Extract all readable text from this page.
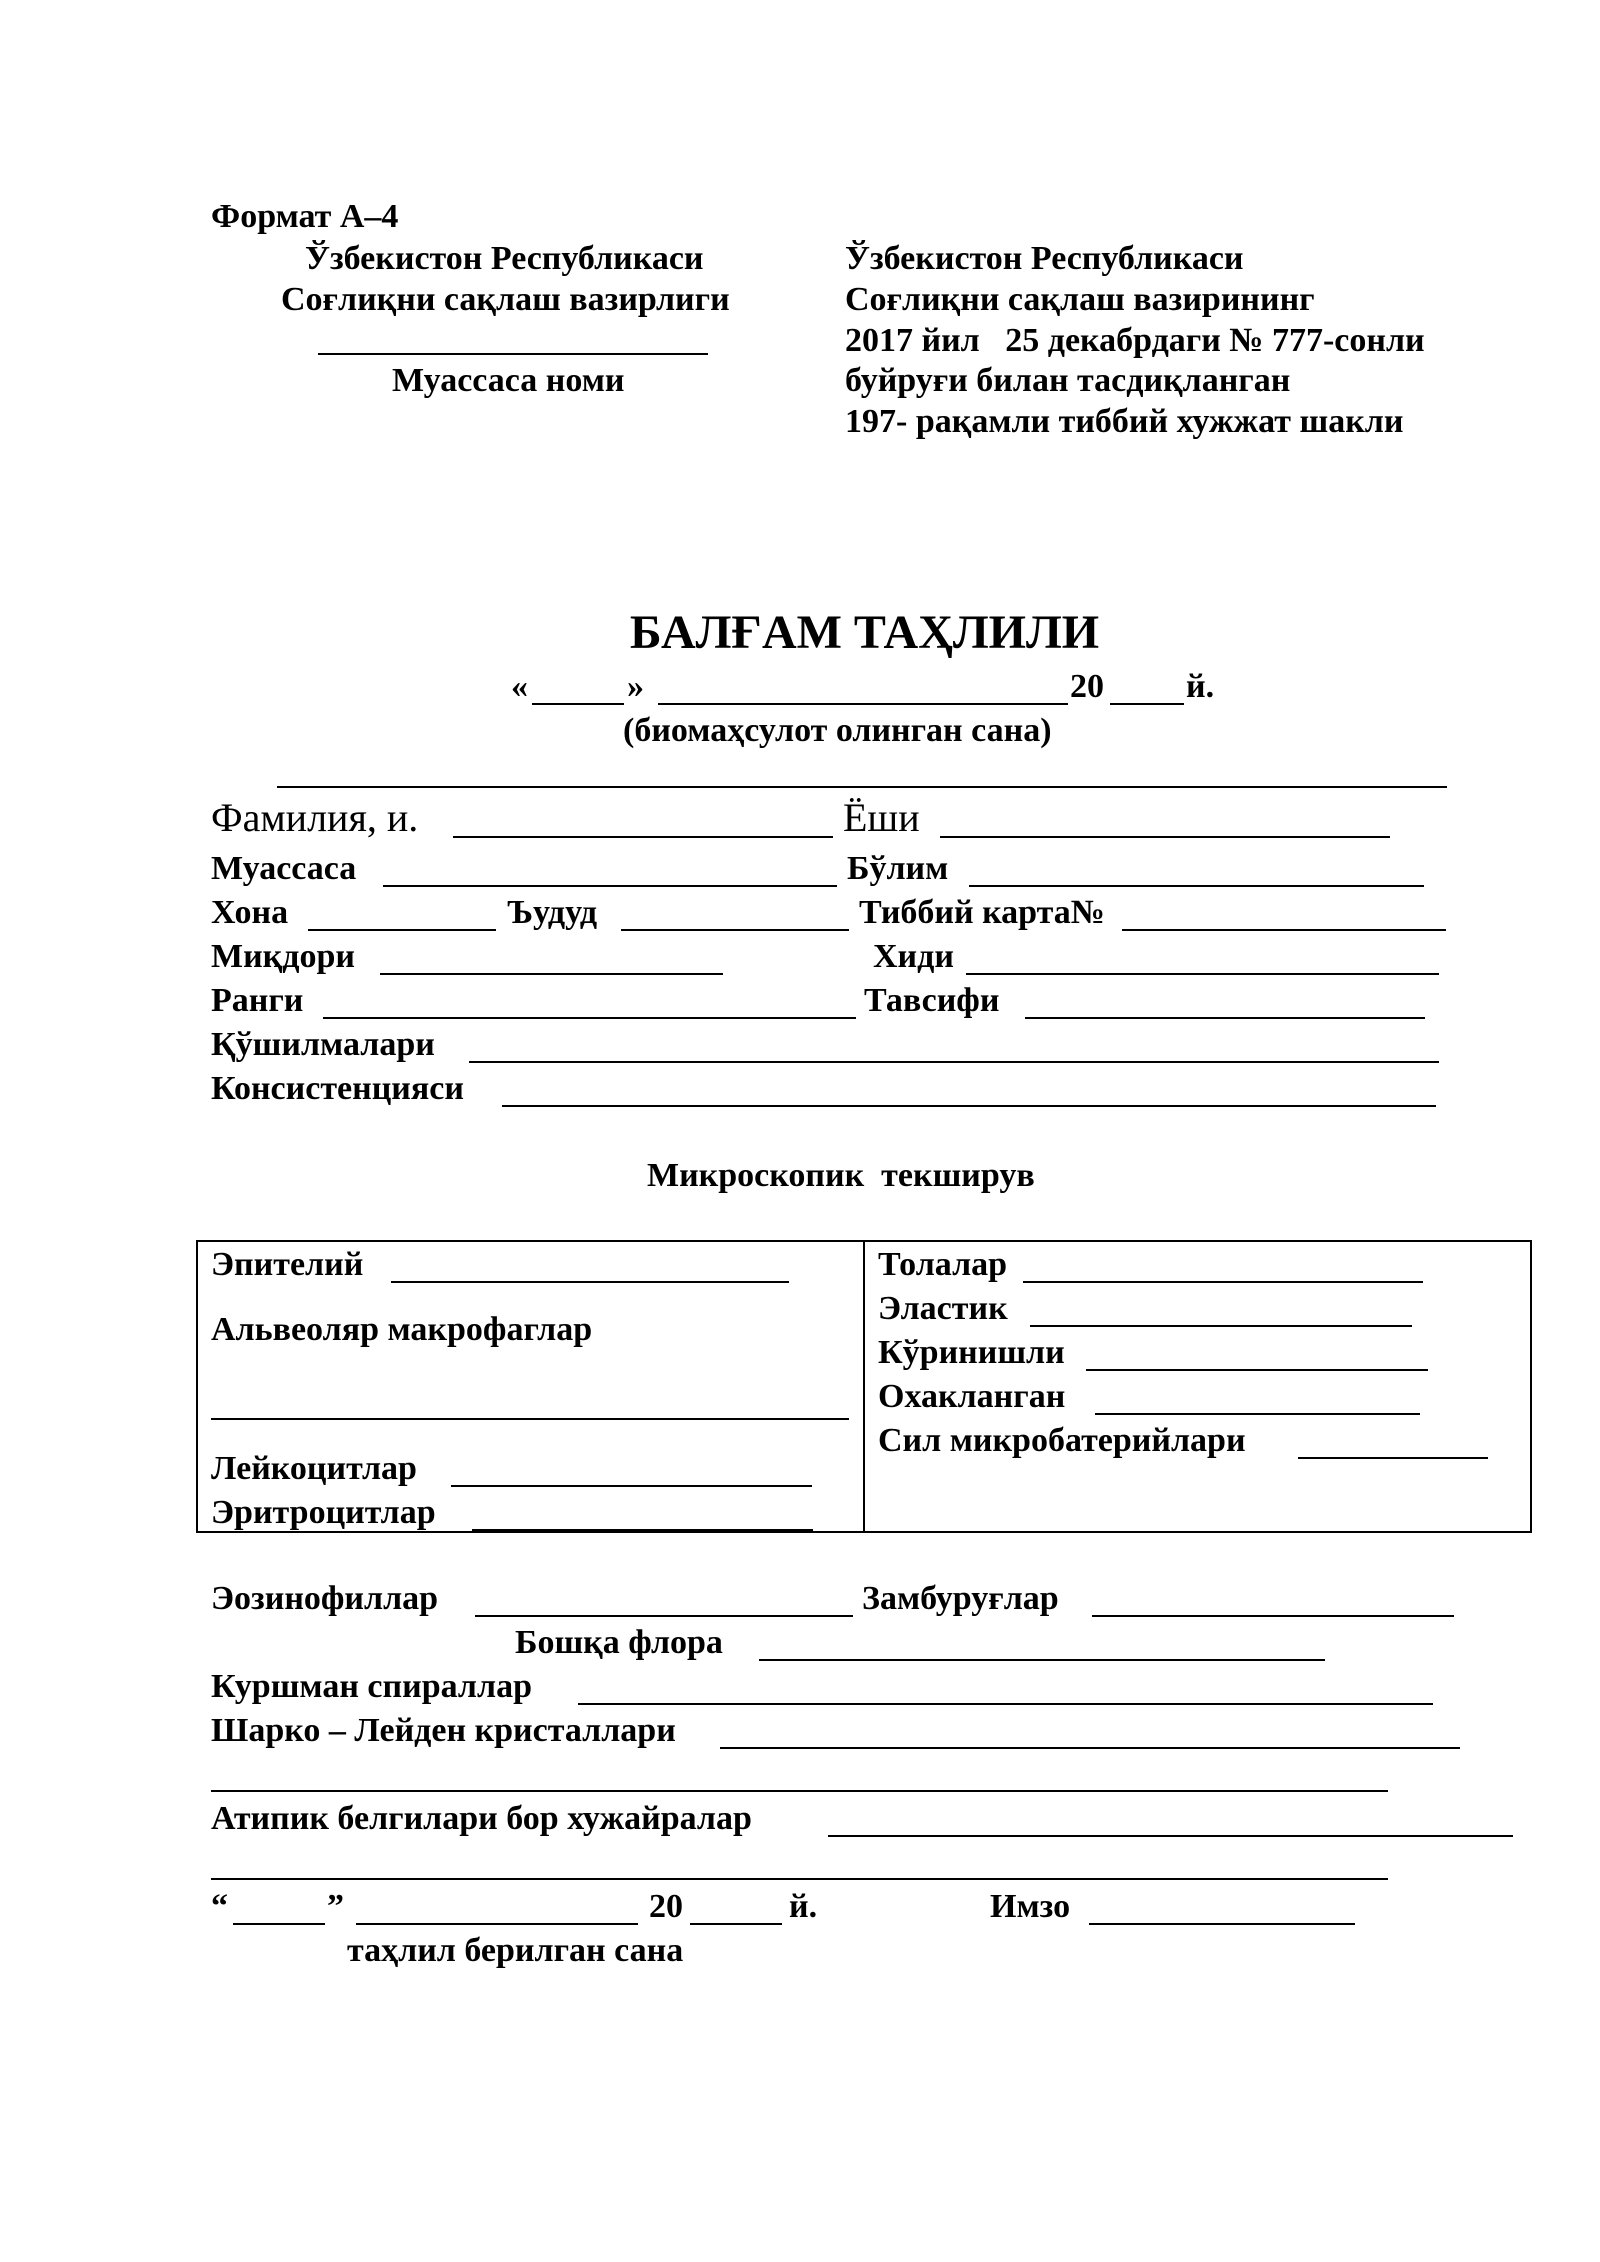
Формат А–4
Ўзбекистон Республикаси
Соғлиқни сақлаш вазирлиги
Муассаса номи
Ўзбекистон Республикаси
Соғлиқни сақлаш вазирининг
2017 йил   25 декабрдаги № 777-сонли
буйруғи билан тасдиқланган
197- рақамли тиббий хужжат шакли
БАЛҒАМ ТАҲЛИЛИ
«	»	20 й.
(биомаҳсулот олинган сана)
Фамилия, и.	Ёши
Муассаса	Бўлим
Хона	Ъудуд	Тиббий карта№
Миқдори	Хиди
Ранги	Тавсифи
Қўшилмалари
Консистенцияси
Микроскопик  текширув
Эпителий
Альвеоляр макрофаглар
Лейкоцитлар
Эритроцитлар
Толалар
Эластик
Кўринишли
Охакланган
Сил микробатерийлари
Эозинофиллар	Замбуруғлар
Бошқа флора
Куршман спираллар
Шарко – Лейден кристаллари
Атипик белгилари бор хужайралар
“	”	20	й.	Имзо
таҳлил берилган сана
